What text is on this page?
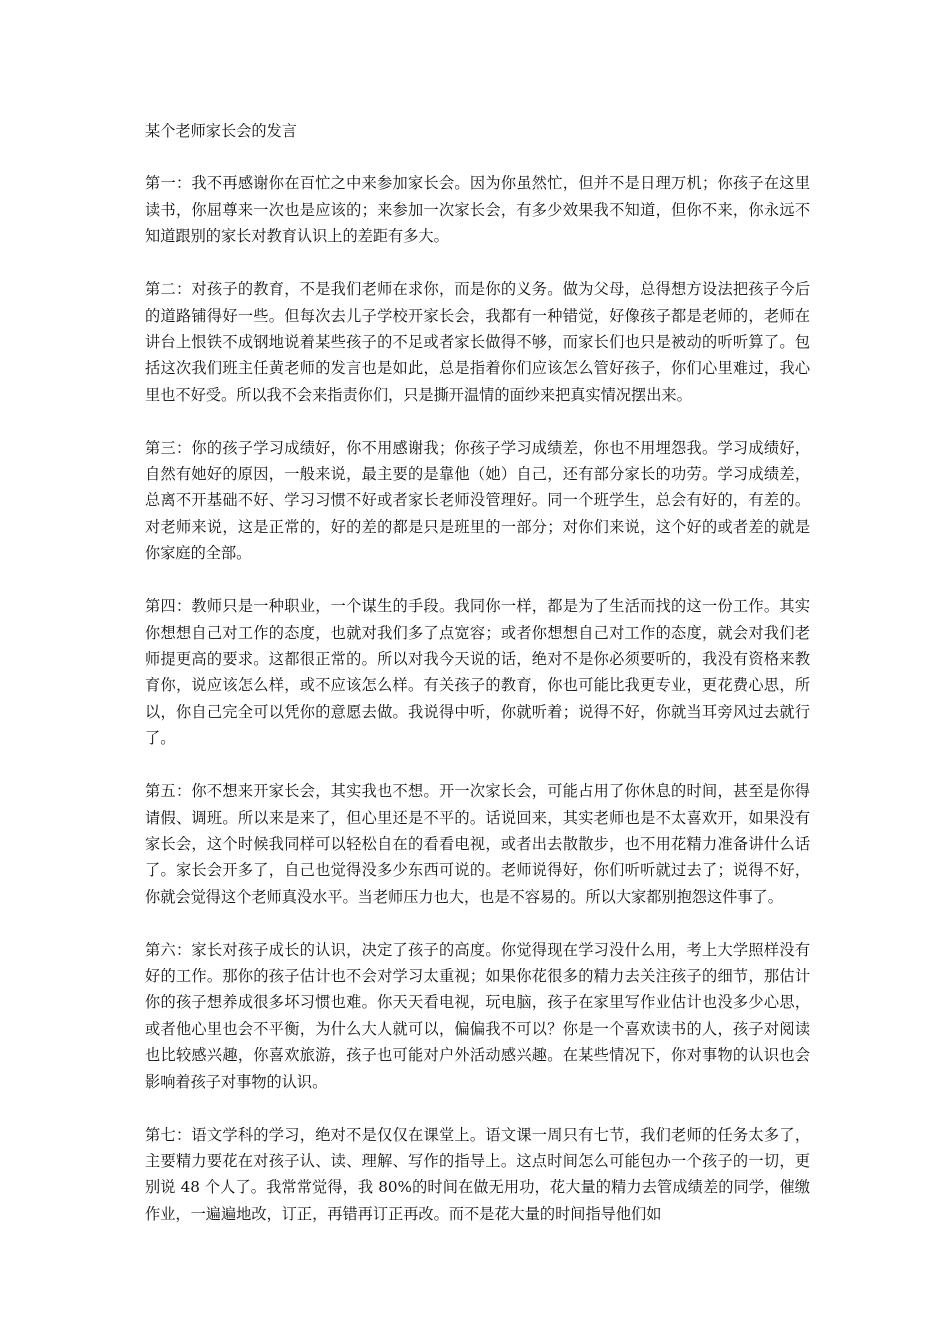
某个老师家长会的发言
第一：我不再感谢你在百忙之中来参加家长会。因为你虽然忙，但并不是日理万机；你孩子在这里读书，你屈尊来一次也是应该的；来参加一次家长会，有多少效果我不知道，但你不来，你永远不知道跟别的家长对教育认识上的差距有多大。
第二：对孩子的教育，不是我们老师在求你，而是你的义务。做为父母，总得想方设法把孩子今后的道路铺得好一些。但每次去儿子学校开家长会，我都有一种错觉，好像孩子都是老师的，老师在讲台上恨铁不成钢地说着某些孩子的不足或者家长做得不够，而家长们也只是被动的听听算了。包括这次我们班主任黄老师的发言也是如此，总是指着你们应该怎么管好孩子，你们心里难过，我心里也不好受。所以我不会来指责你们，只是撕开温情的面纱来把真实情况摆出来。
第三：你的孩子学习成绩好，你不用感谢我；你孩子学习成绩差，你也不用埋怨我。学习成绩好，自然有她好的原因，一般来说，最主要的是靠他（她）自己，还有部分家长的功劳。学习成绩差，总离不开基础不好、学习习惯不好或者家长老师没管理好。同一个班学生，总会有好的，有差的。对老师来说，这是正常的，好的差的都是只是班里的一部分；对你们来说，这个好的或者差的就是你家庭的全部。
第四：教师只是一种职业，一个谋生的手段。我同你一样，都是为了生活而找的这一份工作。其实你想想自己对工作的态度，也就对我们多了点宽容；或者你想想自己对工作的态度，就会对我们老师提更高的要求。这都很正常的。所以对我今天说的话，绝对不是你必须要听的，我没有资格来教育你，说应该怎么样，或不应该怎么样。有关孩子的教育，你也可能比我更专业，更花费心思，所以，你自己完全可以凭你的意愿去做。我说得中听，你就听着；说得不好，你就当耳旁风过去就行了。
第五：你不想来开家长会，其实我也不想。开一次家长会，可能占用了你休息的时间，甚至是你得请假、调班。所以来是来了，但心里还是不平的。话说回来，其实老师也是不太喜欢开，如果没有家长会，这个时候我同样可以轻松自在的看看电视，或者出去散散步，也不用花精力准备讲什么话了。家长会开多了，自己也觉得没多少东西可说的。老师说得好，你们听听就过去了；说得不好，你就会觉得这个老师真没水平。当老师压力也大，也是不容易的。所以大家都别抱怨这件事了。
第六：家长对孩子成长的认识，决定了孩子的高度。你觉得现在学习没什么用，考上大学照样没有好的工作。那你的孩子估计也不会对学习太重视；如果你花很多的精力去关注孩子的细节，那估计你的孩子想养成很多坏习惯也难。你天天看电视，玩电脑，孩子在家里写作业估计也没多少心思，或者他心里也会不平衡，为什么大人就可以，偏偏我不可以？你是一个喜欢读书的人，孩子对阅读也比较感兴趣，你喜欢旅游，孩子也可能对户外活动感兴趣。在某些情况下，你对事物的认识也会影响着孩子对事物的认识。
第七：语文学科的学习，绝对不是仅仅在课堂上。语文课一周只有七节，我们老师的任务太多了，主要精力要花在对孩子认、读、理解、写作的指导上。这点时间怎么可能包办一个孩子的一切，更别说 48 个人了。我常常觉得，我 80%的时间在做无用功，花大量的精力去管成绩差的同学，催缴作业，一遍遍地改，订正，再错再订正再改。而不是花大量的时间指导他们如
